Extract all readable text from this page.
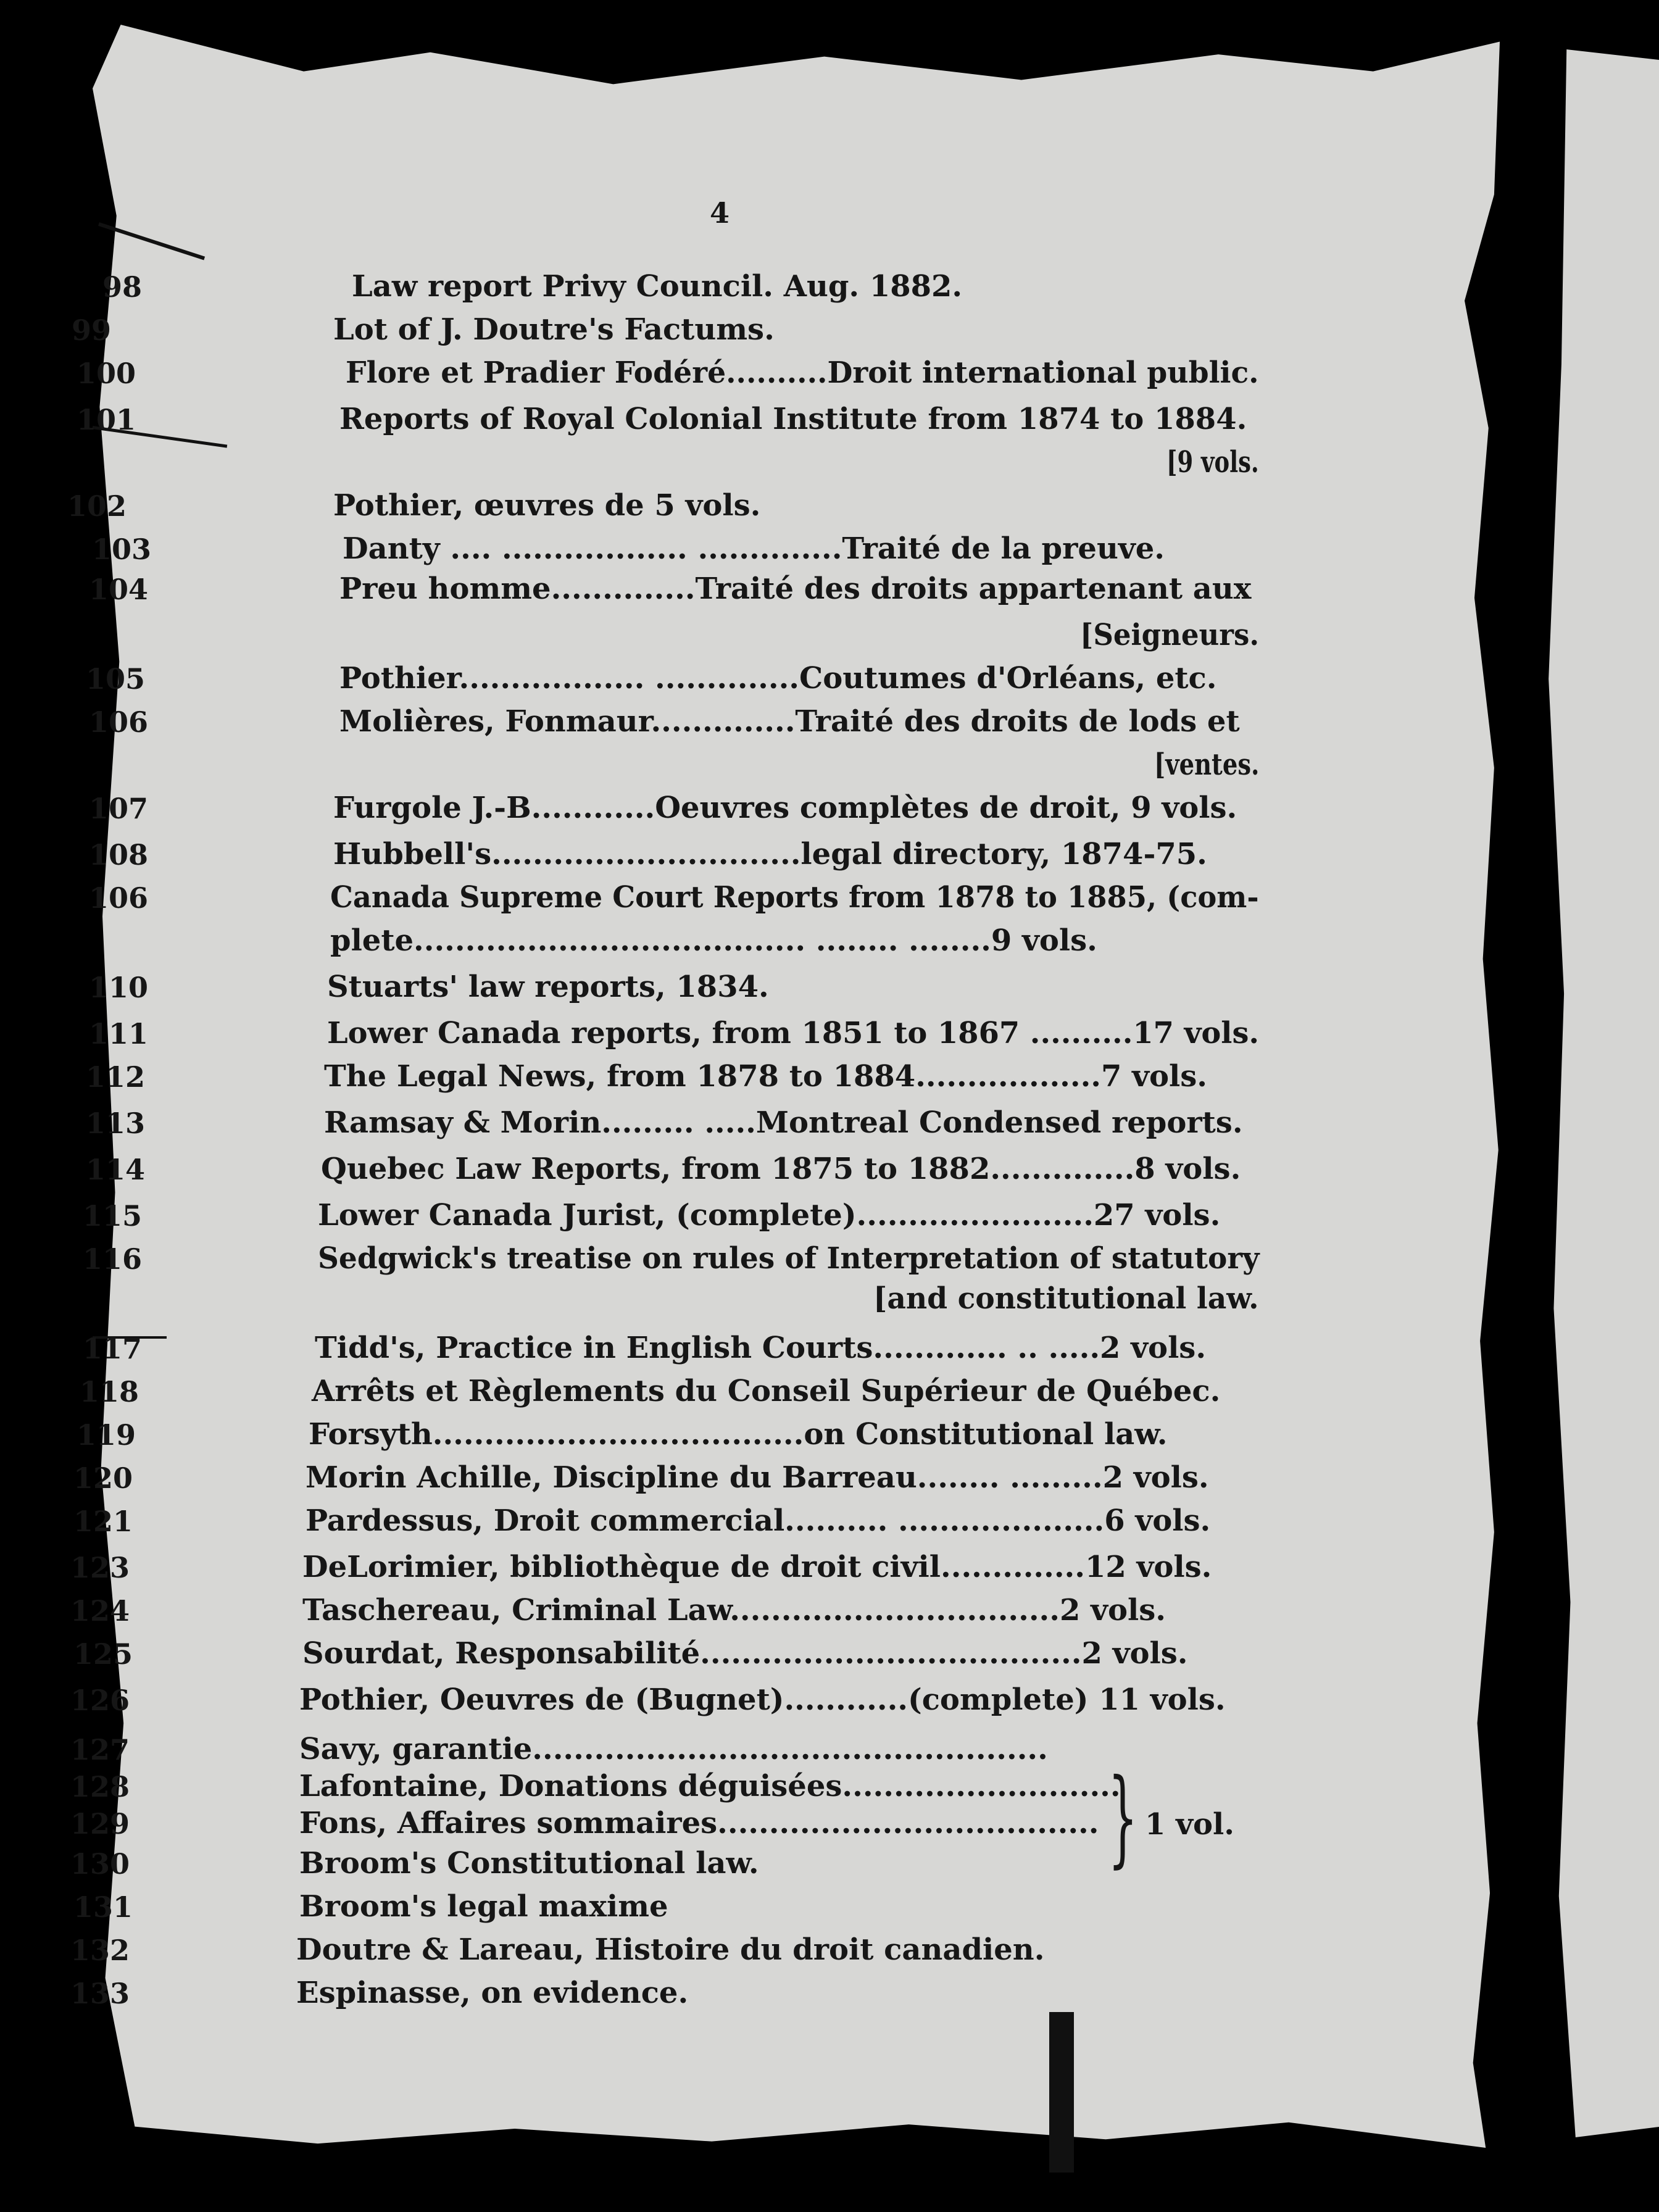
4
98	Law report Privy Council. Aug. 1882.
99	Lot of J. Doutre's Factums.
100	Flore et Pradier Fodéré..........Droit international public.
101	Reports of Royal Colonial Institute from 1874 to 1884.
[9 vols.
102	Pothier, œuvres de 5 vols.
103	Danty .... .................. ..............Traité de la preuve.
104	Preu homme..............Traité des droits appartenant aux
[Seigneurs.
105	Pothier.................. ..............Coutumes d'Orléans, etc.
106	Molières, Fonmaur..............Traité des droits de lods et
[ventes.
107	Furgole J.-B............Oeuvres complètes de droit, 9 vols.
108	Hubbell's..............................legal directory, 1874-75.
106	Canada Supreme Court Reports from 1878 to 1885, (com-
plete...................................... ........ ........9 vols.
110	Stuarts' law reports, 1834.
111	Lower Canada reports, from 1851 to 1867 ..........17 vols.
112	The Legal News, from 1878 to 1884..................7 vols.
113	Ramsay & Morin......... .....Montreal Condensed reports.
114	Quebec Law Reports, from 1875 to 1882..............8 vols.
115	Lower Canada Jurist, (complete).......................27 vols.
116	Sedgwick's treatise on rules of Interpretation of statutory
[and constitutional law.
117	Tidd's, Practice in English Courts............. .. .....2 vols.
118	Arrêts et Règlements du Conseil Supérieur de Québec.
119	Forsyth....................................on Constitutional law.
120	Morin Achille, Discipline du Barreau........ .........2 vols.
121	Pardessus, Droit commercial.......... ....................6 vols.
123	DeLorimier, bibliothèque de droit civil..............12 vols.
124	Taschereau, Criminal Law................................2 vols.
125	Sourdat, Responsabilité.....................................2 vols.
126	Pothier, Oeuvres de (Bugnet)............(complete) 11 vols.
127	Savy, garantie..................................................
128	Lafontaine, Donations déguisées...........................
129	Fons, Affaires sommaires.....................................
130	Broom's Constitutional law.
131	Broom's legal maxime
132	Doutre & Lareau, Histoire du droit canadien.
133	Espinasse, on evidence.
} 1 vol.
